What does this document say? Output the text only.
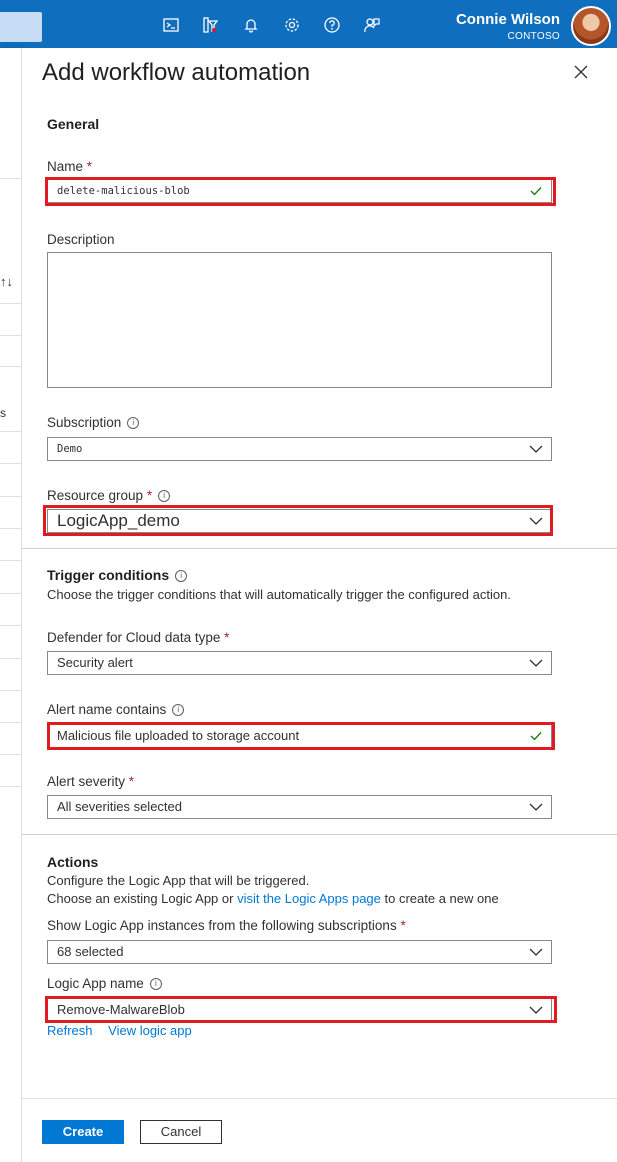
Connie Wilson
CONTOSO
↑↓
s
Add workflow automation
General
Name *
delete-malicious-blob
Description
Subscription i
Demo
Resource group * i
LogicApp_demo
Trigger conditions i
Choose the trigger conditions that will automatically trigger the configured action.
Defender for Cloud data type *
Security alert
Alert name contains i
Malicious file uploaded to storage account
Alert severity *
All severities selected
Actions
Configure the Logic App that will be triggered.
Choose an existing Logic App or visit the Logic Apps page to create a new one
Show Logic App instances from the following subscriptions *
68 selected
Logic App name i
Remove-MalwareBlob
Refresh View logic app
Create	Cancel
